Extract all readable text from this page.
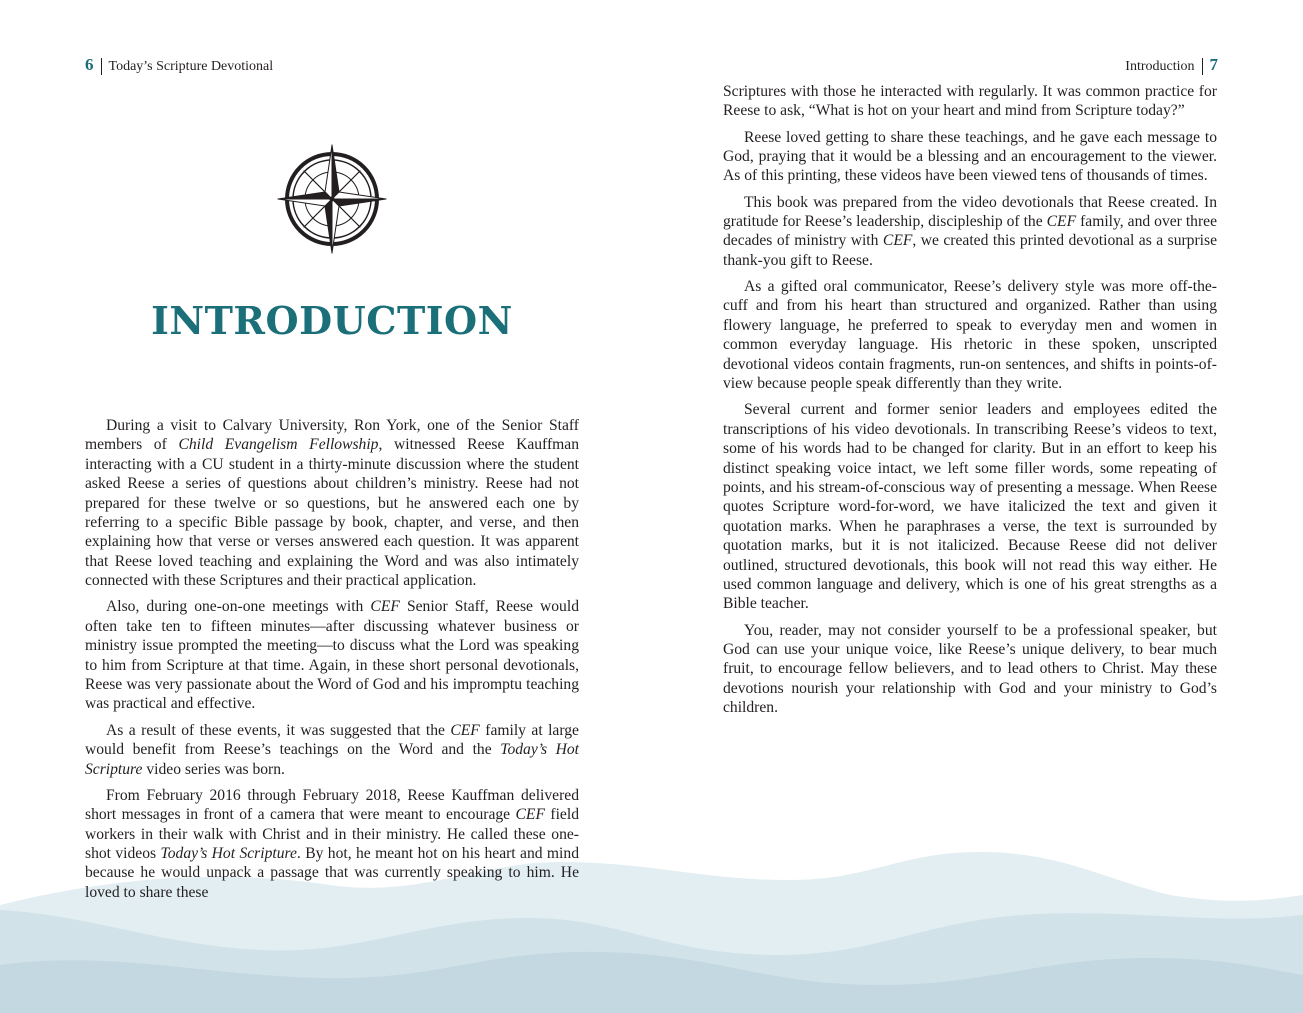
6 Today’s Scripture Devotional
INTRODUCTION

During a visit to Calvary University, Ron York, one of the Senior Staff members of Child Evangelism Fellowship, witnessed Reese Kauffman interacting with a CU student in a thirty-minute discussion where the student asked Reese a series of questions about children’s ministry. Reese had not prepared for these twelve or so questions, but he answered each one by referring to a specific Bible passage by book, chapter, and verse, and then explaining how that verse or verses answered each question. It was apparent that Reese loved teaching and explaining the Word and was also intimately connected with these Scriptures and their practical application.

Also, during one-on-one meetings with CEF Senior Staff, Reese would often take ten to fifteen minutes—after discussing whatever business or ministry issue prompted the meeting—to discuss what the Lord was speaking to him from Scripture at that time. Again, in these short personal devotionals, Reese was very passionate about the Word of God and his impromptu teaching was practical and effective.

As a result of these events, it was suggested that the CEF family at large would benefit from Reese’s teachings on the Word and the Today’s Hot Scripture video series was born.

From February 2016 through February 2018, Reese Kauffman delivered short messages in front of a camera that were meant to encourage CEF field workers in their walk with Christ and in their ministry. He called these one-shot videos Today’s Hot Scripture. By hot, he meant hot on his heart and mind because he would unpack a passage that was currently speaking to him. He loved to share these

Introduction 7

Scriptures with those he interacted with regularly. It was common practice for Reese to ask, “What is hot on your heart and mind from Scripture today?”

Reese loved getting to share these teachings, and he gave each message to God, praying that it would be a blessing and an encouragement to the viewer. As of this printing, these videos have been viewed tens of thousands of times.

This book was prepared from the video devotionals that Reese created. In gratitude for Reese’s leadership, discipleship of the CEF family, and over three decades of ministry with CEF, we created this printed devotional as a surprise thank-you gift to Reese.

As a gifted oral communicator, Reese’s delivery style was more off-the-cuff and from his heart than structured and organized. Rather than using flowery language, he preferred to speak to everyday men and women in common everyday language. His rhetoric in these spoken, unscripted devotional videos contain fragments, run-on sentences, and shifts in points-of-view because people speak differently than they write.

Several current and former senior leaders and employees edited the transcriptions of his video devotionals. In transcribing Reese’s videos to text, some of his words had to be changed for clarity. But in an effort to keep his distinct speaking voice intact, we left some filler words, some repeating of points, and his stream-of-conscious way of presenting a message. When Reese quotes Scripture word-for-word, we have italicized the text and given it quotation marks. When he paraphrases a verse, the text is surrounded by quotation marks, but it is not italicized. Because Reese did not deliver outlined, structured devotionals, this book will not read this way either. He used common language and delivery, which is one of his great strengths as a Bible teacher.

You, reader, may not consider yourself to be a professional speaker, but God can use your unique voice, like Reese’s unique delivery, to bear much fruit, to encourage fellow believers, and to lead others to Christ. May these devotions nourish your relationship with God and your ministry to God’s children.
